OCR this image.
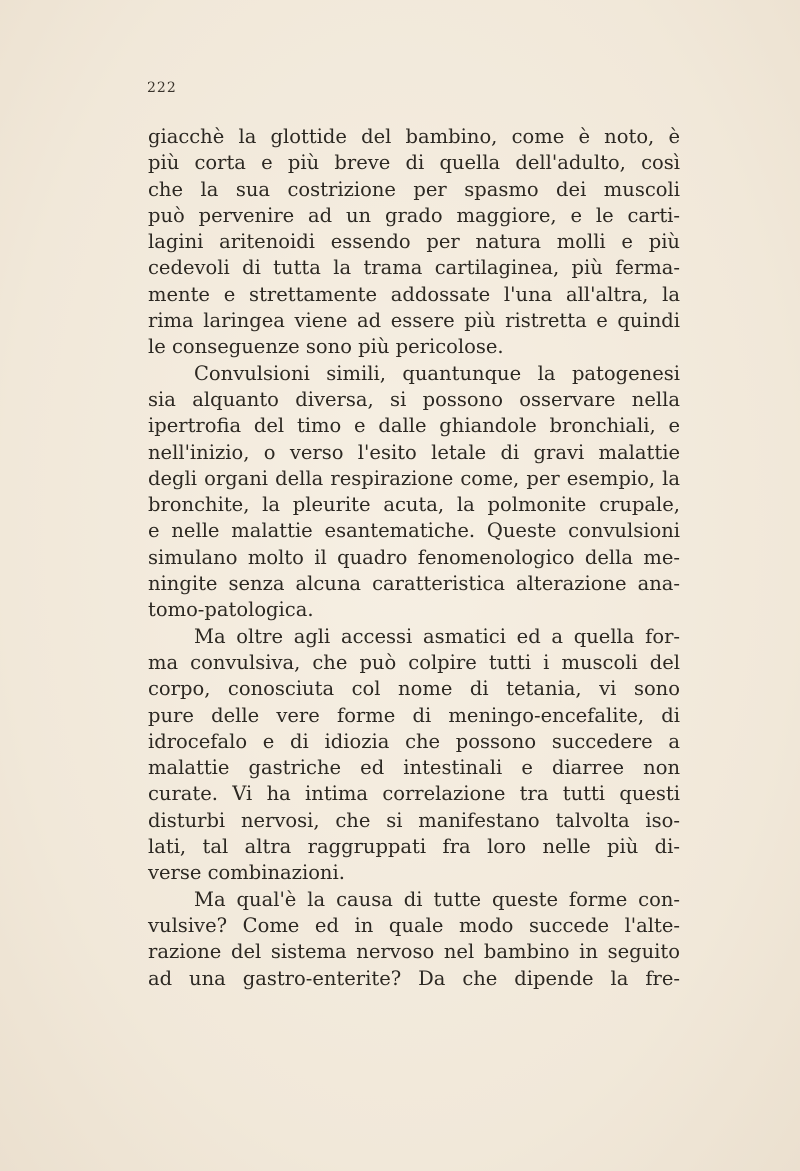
222
giacchè la glottide del bambino, come è noto, è
più corta e più breve di quella dell'adulto, così
che la sua costrizione per spasmo dei muscoli
può pervenire ad un grado maggiore, e le carti-
lagini aritenoidi essendo per natura molli e più
cedevoli di tutta la trama cartilaginea, più ferma-
mente e strettamente addossate l'una all'altra, la
rima laringea viene ad essere più ristretta e quindi
le conseguenze sono più pericolose.
Convulsioni simili, quantunque la patogenesi
sia alquanto diversa, si possono osservare nella
ipertrofia del timo e dalle ghiandole bronchiali, e
nell'inizio, o verso l'esito letale di gravi malattie
degli organi della respirazione come, per esempio, la
bronchite, la pleurite acuta, la polmonite crupale,
e nelle malattie esantematiche. Queste convulsioni
simulano molto il quadro fenomenologico della me-
ningite senza alcuna caratteristica alterazione ana-
tomo-patologica.
Ma oltre agli accessi asmatici ed a quella for-
ma convulsiva, che può colpire tutti i muscoli del
corpo, conosciuta col nome di tetania, vi sono
pure delle vere forme di meningo-encefalite, di
idrocefalo e di idiozia che possono succedere a
malattie gastriche ed intestinali e diarree non
curate. Vi ha intima correlazione tra tutti questi
disturbi nervosi, che si manifestano talvolta iso-
lati, tal altra raggruppati fra loro nelle più di-
verse combinazioni.
Ma qual'è la causa di tutte queste forme con-
vulsive? Come ed in quale modo succede l'alte-
razione del sistema nervoso nel bambino in seguito
ad una gastro-enterite? Da che dipende la fre-
